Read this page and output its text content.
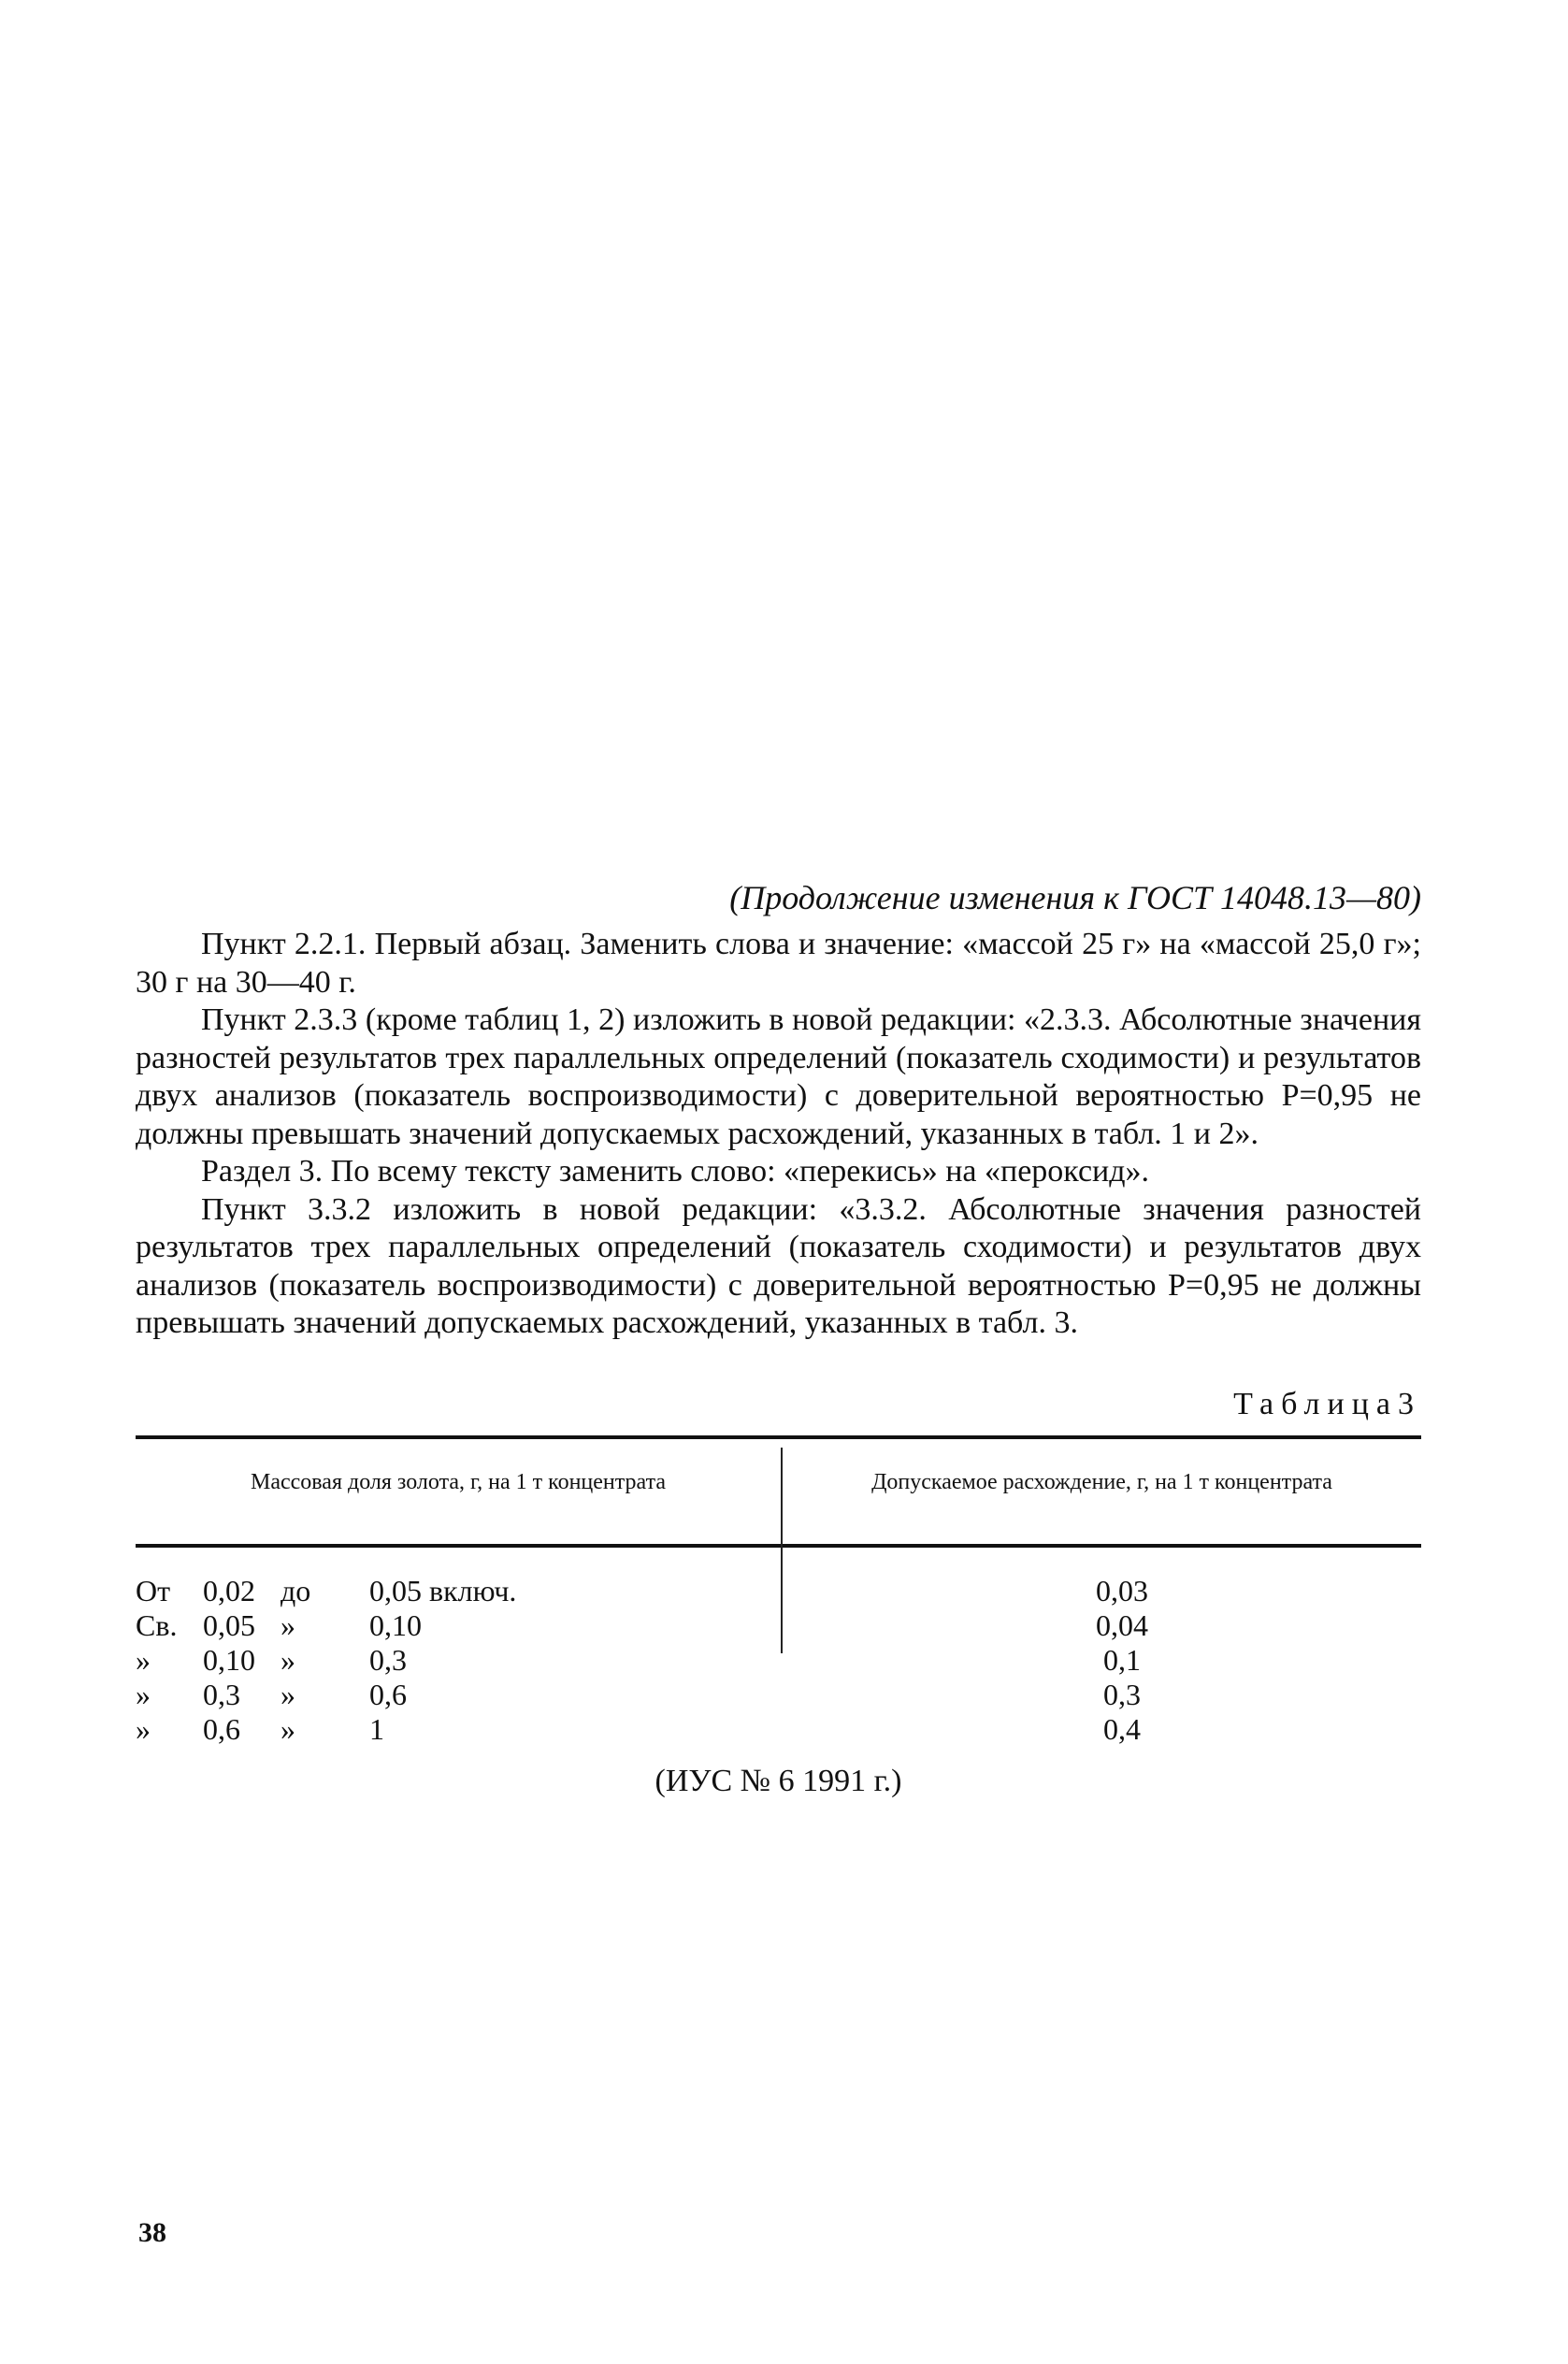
(Продолжение изменения к ГОСТ 14048.13—80)

Пункт 2.2.1. Первый абзац. Заменить слова и значение: «массой 25 г» на «массой 25,0 г»; 30 г на 30—40 г.

Пункт 2.3.3 (кроме таблиц 1, 2) изложить в новой редакции: «2.3.3. Абсолютные значения разностей результатов трех параллельных определений (показатель сходимости) и результатов двух анализов (показатель воспроизводимости) с доверительной вероятностью P=0,95 не должны превышать значений допускаемых расхождений, указанных в табл. 1 и 2».

Раздел 3. По всему тексту заменить слово: «перекись» на «пероксид».

Пункт 3.3.2 изложить в новой редакции: «3.3.2. Абсолютные значения разностей результатов трех параллельных определений (показатель сходимости) и результатов двух анализов (показатель воспроизводимости) с доверительной вероятностью P=0,95 не должны превышать значений допускаемых расхождений, указанных в табл. 3.

Таблица3
Массовая доля золота, г, на 1 т концентрата	Допускаемое расхождение, г, на 1 т концентрата
От 0,02 до 0,05 включ.
Св. 0,05 » 0,10
» 0,10 » 0,3
» 0,3 » 0,6
» 0,6 » 1
0,03
0,04
0,1
0,3
0,4
(ИУС № 6 1991 г.)
38
